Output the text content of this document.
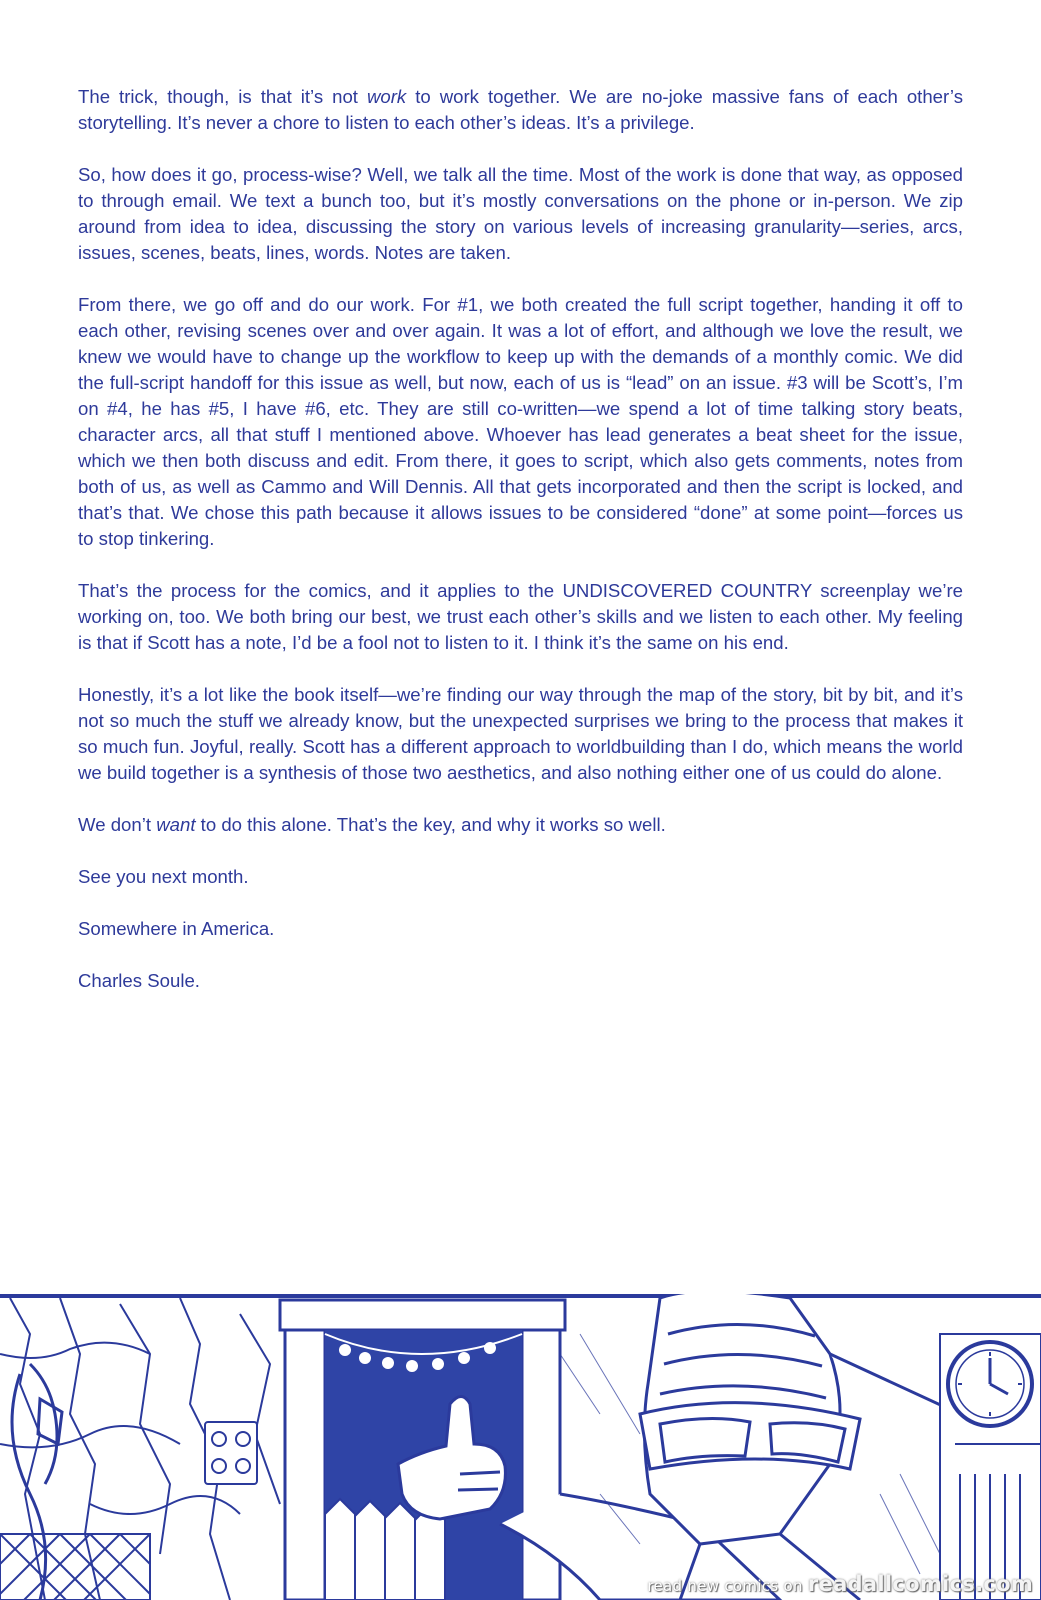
The trick, though, is that it’s not work to work together. We are no-joke massive fans of each other’s storytelling. It’s never a chore to listen to each other’s ideas. It’s a privilege.

So, how does it go, process-wise? Well, we talk all the time. Most of the work is done that way, as opposed to through email. We text a bunch too, but it’s mostly conversations on the phone or in-person. We zip around from idea to idea, discussing the story on various levels of increasing granularity—series, arcs, issues, scenes, beats, lines, words. Notes are taken.

From there, we go off and do our work. For #1, we both created the full script together, handing it off to each other, revising scenes over and over again. It was a lot of effort, and although we love the result, we knew we would have to change up the workflow to keep up with the demands of a monthly comic. We did the full-script handoff for this issue as well, but now, each of us is “lead” on an issue. #3 will be Scott’s, I’m on #4, he has #5, I have #6, etc. They are still co-written—we spend a lot of time talking story beats, character arcs, all that stuff I mentioned above. Whoever has lead generates a beat sheet for the issue, which we then both discuss and edit. From there, it goes to script, which also gets comments, notes from both of us, as well as Cammo and Will Dennis. All that gets incorporated and then the script is locked, and that’s that. We chose this path because it allows issues to be considered “done” at some point—forces us to stop tinkering.

That’s the process for the comics, and it applies to the UNDISCOVERED COUNTRY screenplay we’re working on, too. We both bring our best, we trust each other’s skills and we listen to each other. My feeling is that if Scott has a note, I’d be a fool not to listen to it. I think it’s the same on his end.

Honestly, it’s a lot like the book itself—we’re finding our way through the map of the story, bit by bit, and it’s not so much the stuff we already know, but the unexpected surprises we bring to the process that makes it so much fun. Joyful, really. Scott has a different approach to worldbuilding than I do, which means the world we build together is a synthesis of those two aesthetics, and also nothing either one of us could do alone.

We don’t want to do this alone. That’s the key, and why it works so well.

See you next month.

Somewhere in America.

Charles Soule.

read new comics on readallcomics.com
